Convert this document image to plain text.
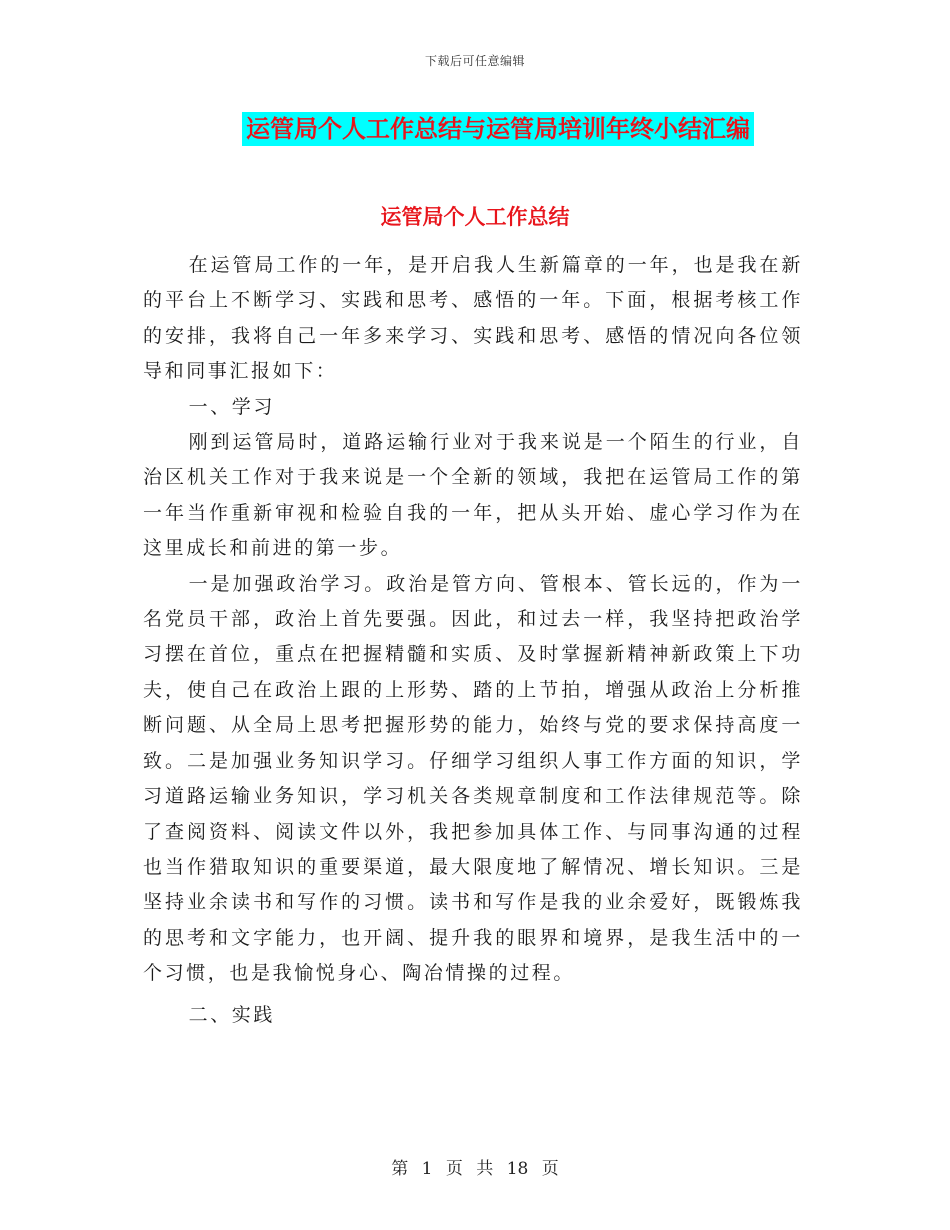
下载后可任意编辑
运管局个人工作总结与运管局培训年终小结汇编
运管局个人工作总结

在运管局工作的一年，是开启我人生新篇章的一年，也是我在新的平台上不断学习、实践和思考、感悟的一年。下面，根据考核工作的安排，我将自己一年多来学习、实践和思考、感悟的情况向各位领导和同事汇报如下：

一、学习

刚到运管局时，道路运输行业对于我来说是一个陌生的行业，自治区机关工作对于我来说是一个全新的领域，我把在运管局工作的第一年当作重新审视和检验自我的一年，把从头开始、虚心学习作为在这里成长和前进的第一步。

一是加强政治学习。政治是管方向、管根本、管长远的，作为一名党员干部，政治上首先要强。因此，和过去一样，我坚持把政治学习摆在首位，重点在把握精髓和实质、及时掌握新精神新政策上下功夫，使自己在政治上跟的上形势、踏的上节拍，增强从政治上分析推断问题、从全局上思考把握形势的能力，始终与党的要求保持高度一致。二是加强业务知识学习。仔细学习组织人事工作方面的知识，学习道路运输业务知识，学习机关各类规章制度和工作法律规范等。除了查阅资料、阅读文件以外，我把参加具体工作、与同事沟通的过程也当作猎取知识的重要渠道，最大限度地了解情况、增长知识。三是坚持业余读书和写作的习惯。读书和写作是我的业余爱好，既锻炼我的思考和文字能力，也开阔、提升我的眼界和境界，是我生活中的一个习惯，也是我愉悦身心、陶冶情操的过程。

二、实践

第 1 页 共 18 页
